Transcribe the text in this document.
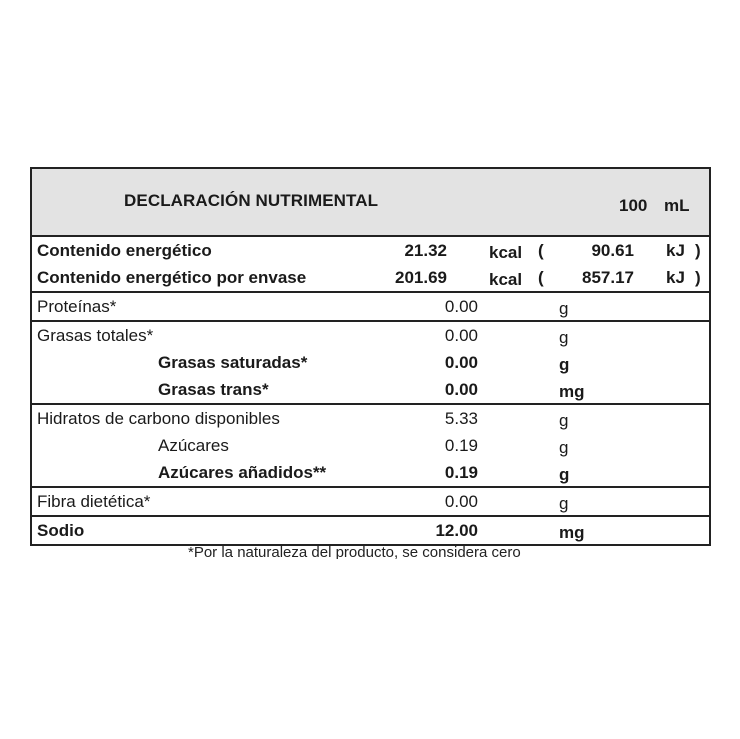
DECLARACIÓN NUTRIMENTAL	100 mL
Contenido energético	21.32 kcal (	90.61 kJ )
Contenido energético por envase	201.69 kcal ( 857.17 kJ )
Proteínas*	0.00	g
Grasas totales*	0.00	g
Grasas saturadas*	0.00	g
Grasas trans*	0.00	mg
Hidratos de carbono disponibles	5.33	g
Azúcares	0.19	g
Azúcares añadidos**	0.19	g
Fibra dietética*	0.00	g
Sodio	12.00	mg
*Por la naturaleza del producto, se considera cero
